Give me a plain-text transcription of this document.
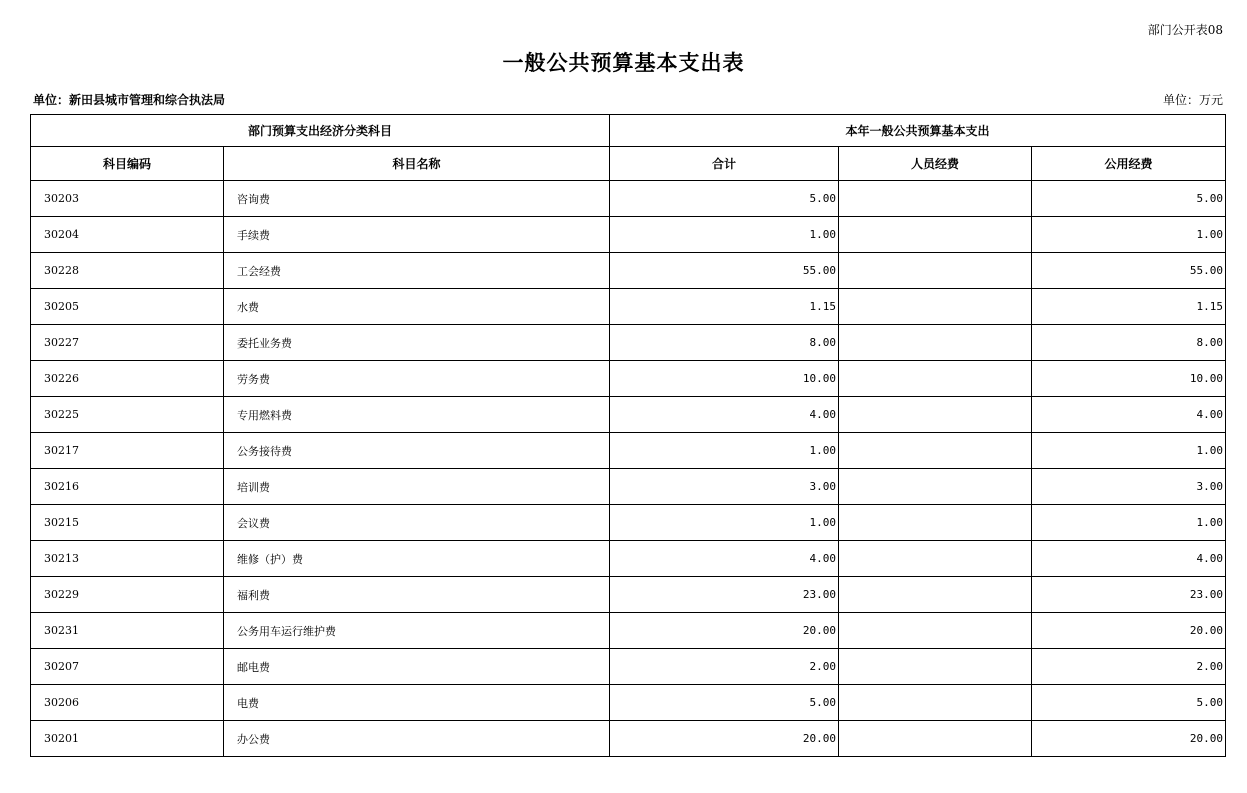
部门公开表08
一般公共预算基本支出表
单位：新田县城市管理和综合执法局	单位：万元
部门预算支出经济分类科目		本年一般公共预算基本支出		
科目编码	科目名称	合计	人员经费	公用经费
30203	咨询费	5.00		5.00
30204	手续费	1.00		1.00
30228	工会经费	55.00		55.00
30205	水费	1.15		1.15
30227	委托业务费	8.00		8.00
30226	劳务费	10.00		10.00
30225	专用燃料费	4.00		4.00
30217	公务接待费	1.00		1.00
30216	培训费	3.00		3.00
30215	会议费	1.00		1.00
30213	维修（护）费	4.00		4.00
30229	福利费	23.00		23.00
30231	公务用车运行维护费	20.00		20.00
30207	邮电费	2.00		2.00
30206	电费	5.00		5.00
30201	办公费	20.00		20.00
